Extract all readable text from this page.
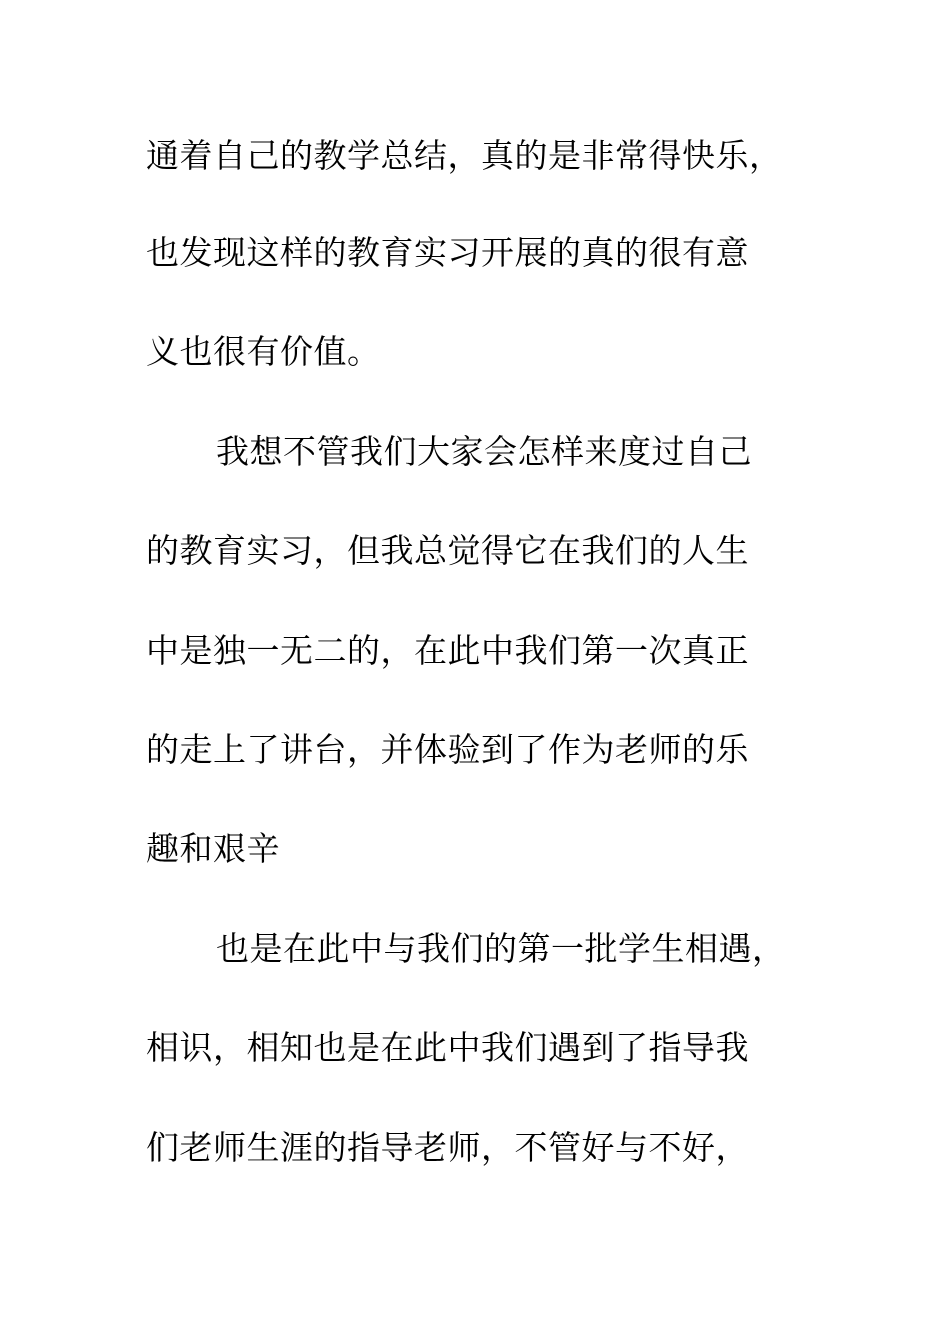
通着自己的教学总结，真的是非常得快乐，
也发现这样的教育实习开展的真的很有意
义也很有价值。
我想不管我们大家会怎样来度过自己
的教育实习，但我总觉得它在我们的人生
中是独一无二的，在此中我们第一次真正
的走上了讲台，并体验到了作为老师的乐
趣和艰辛
也是在此中与我们的第一批学生相遇，
相识，相知也是在此中我们遇到了指导我
们老师生涯的指导老师，不管好与不好，
